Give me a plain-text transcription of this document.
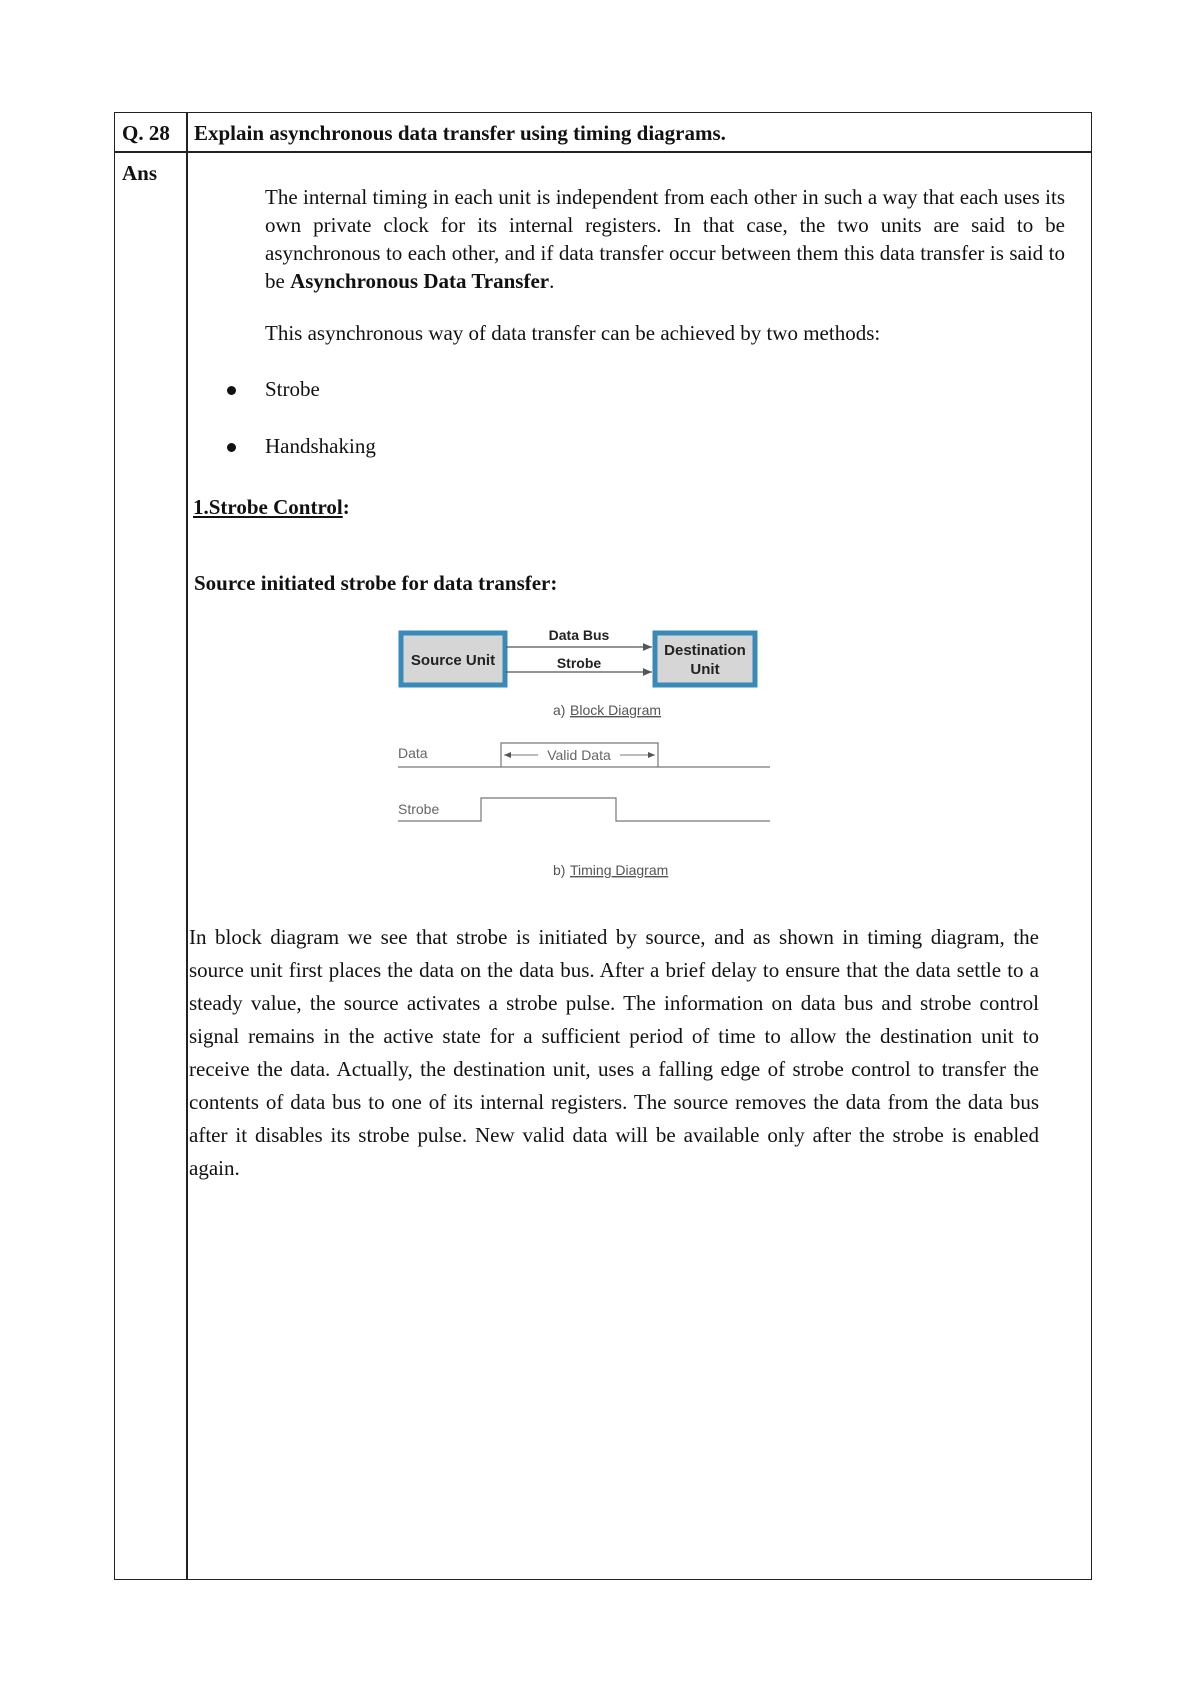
Q. 28 Explain asynchronous data transfer using timing diagrams.
Ans
The internal timing in each unit is independent from each other in such a way that each uses its own private clock for its internal registers. In that case, the two units are said to be asynchronous to each other, and if data transfer occur between them this data transfer is said to be Asynchronous Data Transfer.
This asynchronous way of data transfer can be achieved by two methods:
Strobe
Handshaking
1.Strobe Control:
Source initiated strobe for data transfer:
Source Unit
Destination
Unit
Data Bus
Strobe
a) Block Diagram
Data	Valid Data
Strobe
b) Timing Diagram
In block diagram we see that strobe is initiated by source, and as shown in timing diagram, the source unit first places the data on the data bus. After a brief delay to ensure that the data settle to a steady value, the source activates a strobe pulse. The information on data bus and strobe control signal remains in the active state for a sufficient period of time to allow the destination unit to receive the data. Actually, the destination unit, uses a falling edge of strobe control to transfer the contents of data bus to one of its internal registers. The source removes the data from the data bus after it disables its strobe pulse. New valid data will be available only after the strobe is enabled again.
